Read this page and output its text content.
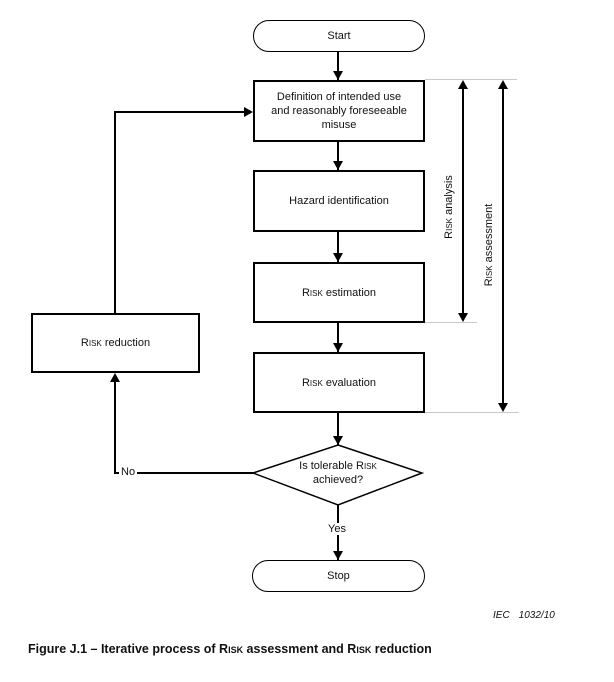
Start
Definition of intended use and reasonably foreseeable misuse
Hazard identification
Risk estimation
Risk evaluation
Risk reduction
Is tolerable Risk
achieved?
Stop
Yes
No
Risk analysis
Risk assessment
IEC 1032/10
Figure J.1 – Iterative process of Risk assessment and Risk reduction
